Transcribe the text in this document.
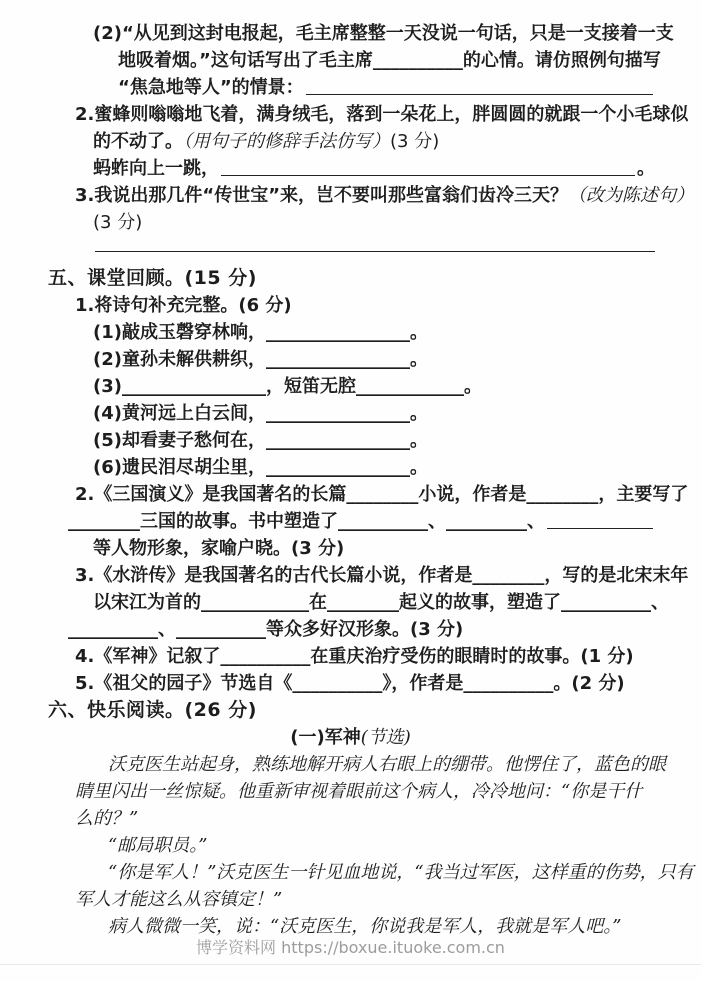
(2)“从见到这封电报起，毛主席整整一天没说一句话，只是一支接着一支
地吸着烟。”这句话写出了毛主席__________的心情。请仿照例句描写
“焦急地等人”的情景：
2.蜜蜂则嗡嗡地飞着，满身绒毛，落到一朵花上，胖圆圆的就跟一个小毛球似
的不动了。（用句子的修辞手法仿写）(3 分)
蚂蚱向上一跳，	。
3.我说出那几件“传世宝”来，岂不要叫那些富翁们齿冷三天？（改为陈述句）
(3 分)
五、课堂回顾。(15 分)
1.将诗句补充完整。(6 分)
(1)敲成玉磬穿林响，________________。
(2)童孙未解供耕织，________________。
(3)________________，短笛无腔____________。
(4)黄河远上白云间，________________。
(5)却看妻子愁何在，________________。
(6)遗民泪尽胡尘里，________________。
2.《三国演义》是我国著名的长篇________小说，作者是________，主要写了
________三国的故事。书中塑造了__________、_________、
等人物形象，家喻户晓。(3 分)
3.《水浒传》是我国著名的古代长篇小说，作者是________，写的是北宋末年
以宋江为首的____________在________起义的故事，塑造了__________、
__________、__________等众多好汉形象。(3 分)
4.《军神》记叙了__________在重庆治疗受伤的眼睛时的故事。(1 分)
5.《祖父的园子》节选自《__________》，作者是__________。(2 分)
六、快乐阅读。(26 分)
(一)军神(节选)
沃克医生站起身，熟练地解开病人右眼上的绷带。他愣住了，蓝色的眼
睛里闪出一丝惊疑。他重新审视着眼前这个病人，冷冷地问：“你是干什
么的？”
“邮局职员。”
“你是军人！”沃克医生一针见血地说，“我当过军医，这样重的伤势，只有
军人才能这么从容镇定！”
病人微微一笑，说：“沃克医生，你说我是军人，我就是军人吧。”
博学资料网 https://boxue.ituoke.com.cn
